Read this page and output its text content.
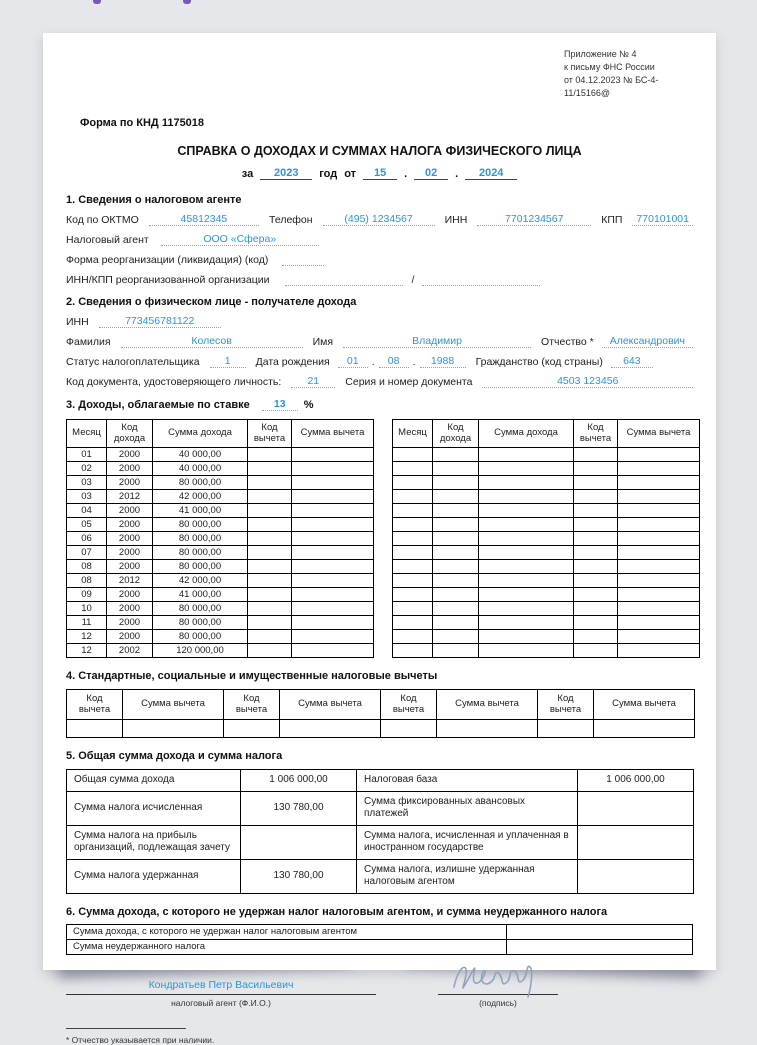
Приложение № 4
к письму ФНС России
от 04.12.2023 № БС-4-11/15166@
Форма по КНД 1175018
СПРАВКА О ДОХОДАХ И СУММАХ НАЛОГА ФИЗИЧЕСКОГО ЛИЦА
за	2023	год от	15	.	02	.	2024
1. Сведения о налоговом агенте
Код по ОКТМО	45812345	Телефон	(495) 1234567	ИНН	7701234567	КПП	770101001
Налоговый агент	ООО «Сфера»
Форма реорганизации (ликвидация) (код)
ИНН/КПП реорганизованной организации	/
2. Сведения о физическом лице - получателе дохода
ИНН	773456781122
Фамилия	Колесов	Имя	Владимир	Отчество *	Александрович
Статус налогоплательщика	1	Дата рождения	01	.	08	.	1988	Гражданство (код страны)	643
Код документа, удостоверяющего личность:	21	Серия и номер документа	4503 123456
3. Доходы, облагаемые по ставке	13	%
Месяц	Код дохода	Сумма дохода	Код вычета	Сумма вычета
01	2000	40 000,00		
02	2000	40 000,00		
03	2000	80 000,00		
03	2012	42 000,00		
04	2000	41 000,00		
05	2000	80 000,00		
06	2000	80 000,00		
07	2000	80 000,00		
08	2000	80 000,00		
08	2012	42 000,00		
09	2000	41 000,00		
10	2000	80 000,00		
11	2000	80 000,00		
12	2000	80 000,00		
12	2002	120 000,00		
Месяц	Код дохода	Сумма дохода	Код вычета	Сумма вычета

4. Стандартные, социальные и имущественные налоговые вычеты
Код вычета	Сумма вычета	Код вычета	Сумма вычета	Код вычета	Сумма вычета	Код вычета	Сумма вычета

5. Общая сумма дохода и сумма налога
Общая сумма дохода	1 006 000,00	Налоговая база	1 006 000,00
Сумма налога исчисленная	130 780,00	Сумма фиксированных авансовых платежей	
Сумма налога на прибыль организаций, подлежащая зачету		Сумма налога, исчисленная и уплаченная в иностранном государстве	
Сумма налога удержанная	130 780,00	Сумма налога, излишне удержанная налоговым агентом	
6. Сумма дохода, с которого не удержан налог налоговым агентом, и сумма неудержанного налога
Сумма дохода, с которого не удержан налог налоговым агентом	
Сумма неудержанного налога	
Кондратьев Петр Васильевич
налоговый агент (Ф.И.О.)	(подпись)
* Отчество указывается при наличии.
